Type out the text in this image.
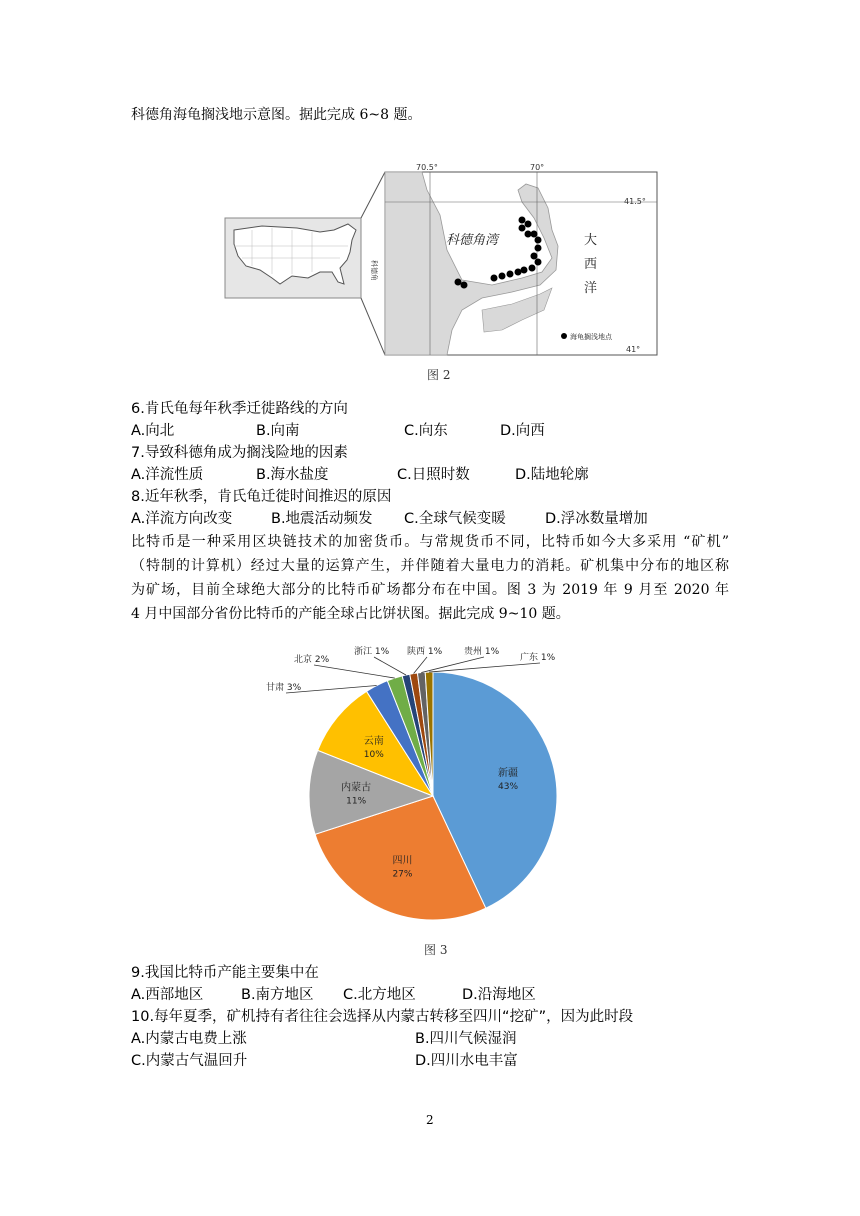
科德角海龟搁浅地示意图。据此完成 6~8 题。
科德角
70.5°	70°
41.5°
41°
科德角湾	大
西
洋
海龟搁浅地点
图 2
6.肯氏龟每年秋季迁徙路线的方向
A.向北	B.向南	C.向东	D.向西
7.导致科德角成为搁浅险地的因素
A.洋流性质	B.海水盐度	C.日照时数	D.陆地轮廓
8.近年秋季，肯氏龟迁徙时间推迟的原因
A.洋流方向改变	B.地震活动频发 C.全球气候变暖	D.浮冰数量增加
比特币是一种采用区块链技术的加密货币。与常规货币不同，比特币如今大多采用 “矿机”
（特制的计算机）经过大量的运算产生，并伴随着大量电力的消耗。矿机集中分布的地区称
为矿场，目前全球绝大部分的比特币矿场都分布在中国。图 3 为 2019 年 9 月至 2020 年
4 月中国部分省份比特币的产能全球占比饼状图。据此完成 9~10 题。
新疆
43%
四川
27%
内蒙古
11%
云南
10%
甘肃 3%
北京 2%
浙江 1% 陕西 1% 贵州 1%
广东 1%
图 3
9.我国比特币产能主要集中在
A.西部地区	B.南方地区 C.北方地区	D.沿海地区
10.每年夏季，矿机持有者往往会选择从内蒙古转移至四川“挖矿”，因为此时段
A.内蒙古电费上涨	B.四川气候湿润
C.内蒙古气温回升	D.四川水电丰富
2
